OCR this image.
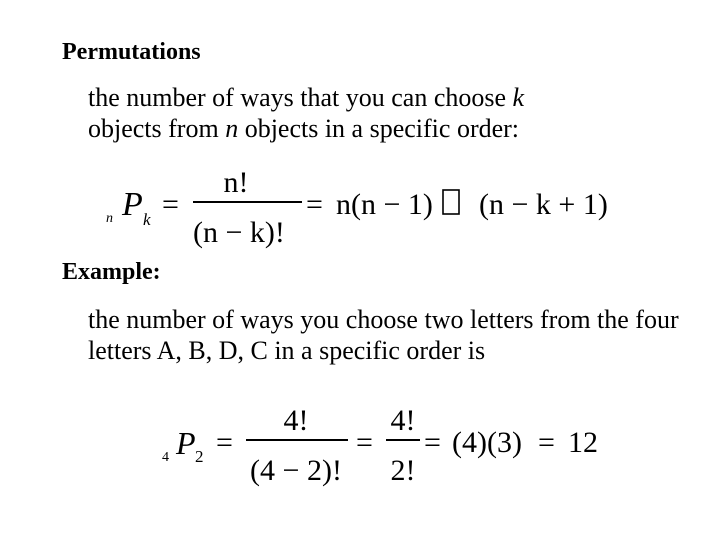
Permutations
the number of ways that you can choose k
objects from n objects in a specific order:
n P k =
n!
(n − k)!
= n(n − 1) (n − k + 1)
Example:
the number of ways you choose two letters from the four letters A, B, D, C in a specific order is
4 P 2 =
4!
(4 − 2)!
=
4!
2!
= (4)(3) = 12
